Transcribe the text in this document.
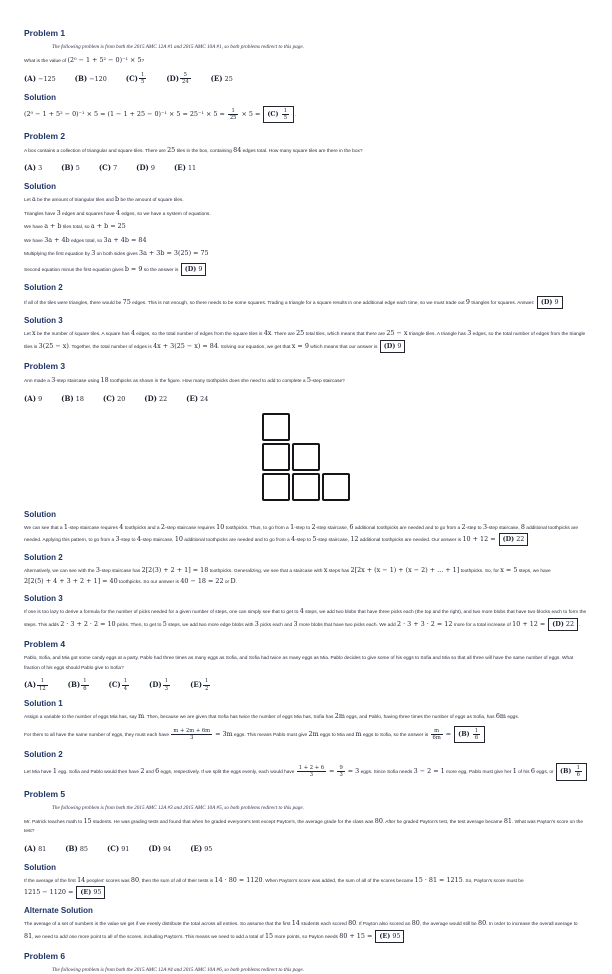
Problem 1
The following problem is from both the 2015 AMC 12A #1 and 2015 AMC 10A #1, so both problems redirect to this page.
What is the value of (2⁰ − 1 + 5² − 0)⁻¹ × 5?
(A) −125	(B) −120	$(C) \frac{1}{5}$	$(D) \frac{5}{24}$	(E) 25
Solution
$(2^0 - 1 + 5^2 - 0)^{-1} \times 5 = (1 - 1 + 25 - 0)^{-1} \times 5 = 25^{-1} \times 5 = \frac{1}{25} \times 5 = (C) \frac{1}{5}$ .
Problem 2
A box contains a collection of triangular and square tiles. There are 25 tiles in the box, containing 84 edges total. How many square tiles are there in the box?
(A) 3	(B) 5	(C) 7	(D) 9	(E) 11
Solution
Let a be the amount of triangular tiles and b be the amount of square tiles.
Triangles have 3 edges and squares have 4 edges, so we have a system of equations.
We have a + b tiles total, so a + b = 25
We have 3a + 4b edges total, so 3a + 4b = 84
Multiplying the first equation by 3 on both sides gives 3a + 3b = 3(25) = 75
Second equation minus the first equation gives b = 9 so the answer is (D) 9
Solution 2
If all of the tiles were triangles, there would be 75 edges. This is not enough, so there needs to be some squares. Trading a triangle for a square results in one additional edge each time, so we must trade out 9 triangles for squares. Answer: (D) 9
Solution 3
Let x be the number of square tiles. A square has 4 edges, so the total number of edges from the square tiles is 4x. There are 25 total tiles, which means that there are 25 − x triangle tiles. A triangle has 3 edges, so the total number of edges from the triangle tiles is 3(25 − x). Together, the total number of edges is 4x + 3(25 − x) = 84. Solving our equation, we get that x = 9 which means that our answer is (D) 9
Problem 3
Ann made a 3-step staircase using 18 toothpicks as shown in the figure. How many toothpicks does she need to add to complete a 5-step staircase?
(A) 9	(B) 18	(C) 20	(D) 22	(E) 24
Solution
We can see that a 1-step staircase requires 4 toothpicks and a 2-step staircase requires 10 toothpicks. Thus, to go from a 1-step to 2-step staircase, 6 additional toothpicks are needed and to go from a 2-step to 3-step staircase, 8 additional toothpicks are needed. Applying this pattern, to go from a 3-step to 4-step staircase, 10 additional toothpicks are needed and to go from a 4-step to 5-step staircase, 12 additional toothpicks are needed. Our answer is 10 + 12 = (D) 22
Solution 2
Alternatively, we can see with the 3-step staircase has 2[2(3) + 2 + 1] = 18 toothpicks. Generalizing, we see that a staircase with x steps has 2[2x + (x − 1) + (x − 2) + ... + 1] toothpicks. So, for x = 5 steps, we have 2[2(5) + 4 + 3 + 2 + 1] = 40 toothpicks. So our answer is 40 − 18 = 22 or D.
Solution 3
If one is too lazy to derive a formula for the number of picks needed for a given number of steps, one can simply see that to get to 4 steps, we add two blobs that have three picks each (the top and the right), and two more blobs that have two blocks each to form the steps. This adds 2 · 3 + 2 · 2 = 10 picks. Then, to get to 5 steps, we add two more edge blobs with 3 picks each and 3 more blobs that have two picks each. We add 2 · 3 + 3 · 2 = 12 more for a total increase of 10 + 12 = (D) 22 .
Problem 4
Pablo, Sofia, and Mia got some candy eggs at a party. Pablo had three times as many eggs as Sofia, and Sofia had twice as many eggs as Mia. Pablo decides to give some of his eggs to Sofia and Mia so that all three will have the same number of eggs. What fraction of his eggs should Pablo give to Sofia?
$(A) \frac{1}{12}$	$(B) \frac{1}{6}$	$(C) \frac{1}{4}$	$(D) \frac{1}{3}$	$(E) \frac{1}{2}$
Solution 1
Assign a variable to the number of eggs Mia has, say m. Then, because we are given that Sofia has twice the number of eggs Mia has, Sofia has 2m eggs, and Pablo, having three times the number of eggs as Sofia, has 6m eggs.
For them to all have the same number of eggs, they must each have $\frac{m + 2m + 6m}{3} = 3m$ eggs. This means Pablo must give 2m eggs to Mia and m eggs to Sofia, so the answer is $\frac{m}{6m} = (B) \frac{1}{6}$
Solution 2
Let Mia have 1 egg. Sofia and Pablo would then have 2 and 6 eggs, respectively. If we split the eggs evenly, each would have $\frac{1 + 2 + 6}{3} = \frac{9}{3} = 3$ eggs. Since Sofia needs 3 − 2 = 1 more egg, Pablo must give her 1 of his 6 eggs, or $(B) \frac{1}{6}$
Problem 5
The following problem is from both the 2015 AMC 12A #3 and 2015 AMC 10A #5, so both problems redirect to this page.
Mr. Patrick teaches math to 15 students. He was grading tests and found that when he graded everyone's test except Payton's, the average grade for the class was 80. After he graded Payton's test, the test average became 81. What was Payton's score on the test?
(A) 81	(B) 85	(C) 91	(D) 94	(E) 95
Solution
If the average of the first 14 peoples' scores was 80, then the sum of all of their tests is 14 · 80 = 1120. When Payton's score was added, the sum of all of the scores became 15 · 81 = 1215. So, Payton's score must be 1215 − 1120 = (E) 95
Alternate Solution
The average of a set of numbers is the value we get if we evenly distribute the total across all entries. So assume that the first 14 students each scored 80. If Payton also scored an 80, the average would still be 80. In order to increase the overall average to 81, we need to add one more point to all of the scores, including Payton's. This means we need to add a total of 15 more points, so Payton needs 80 + 15 = (E) 95
Problem 6
The following problem is from both the 2015 AMC 12A #4 and 2015 AMC 10A #6, so both problems redirect to this page.
